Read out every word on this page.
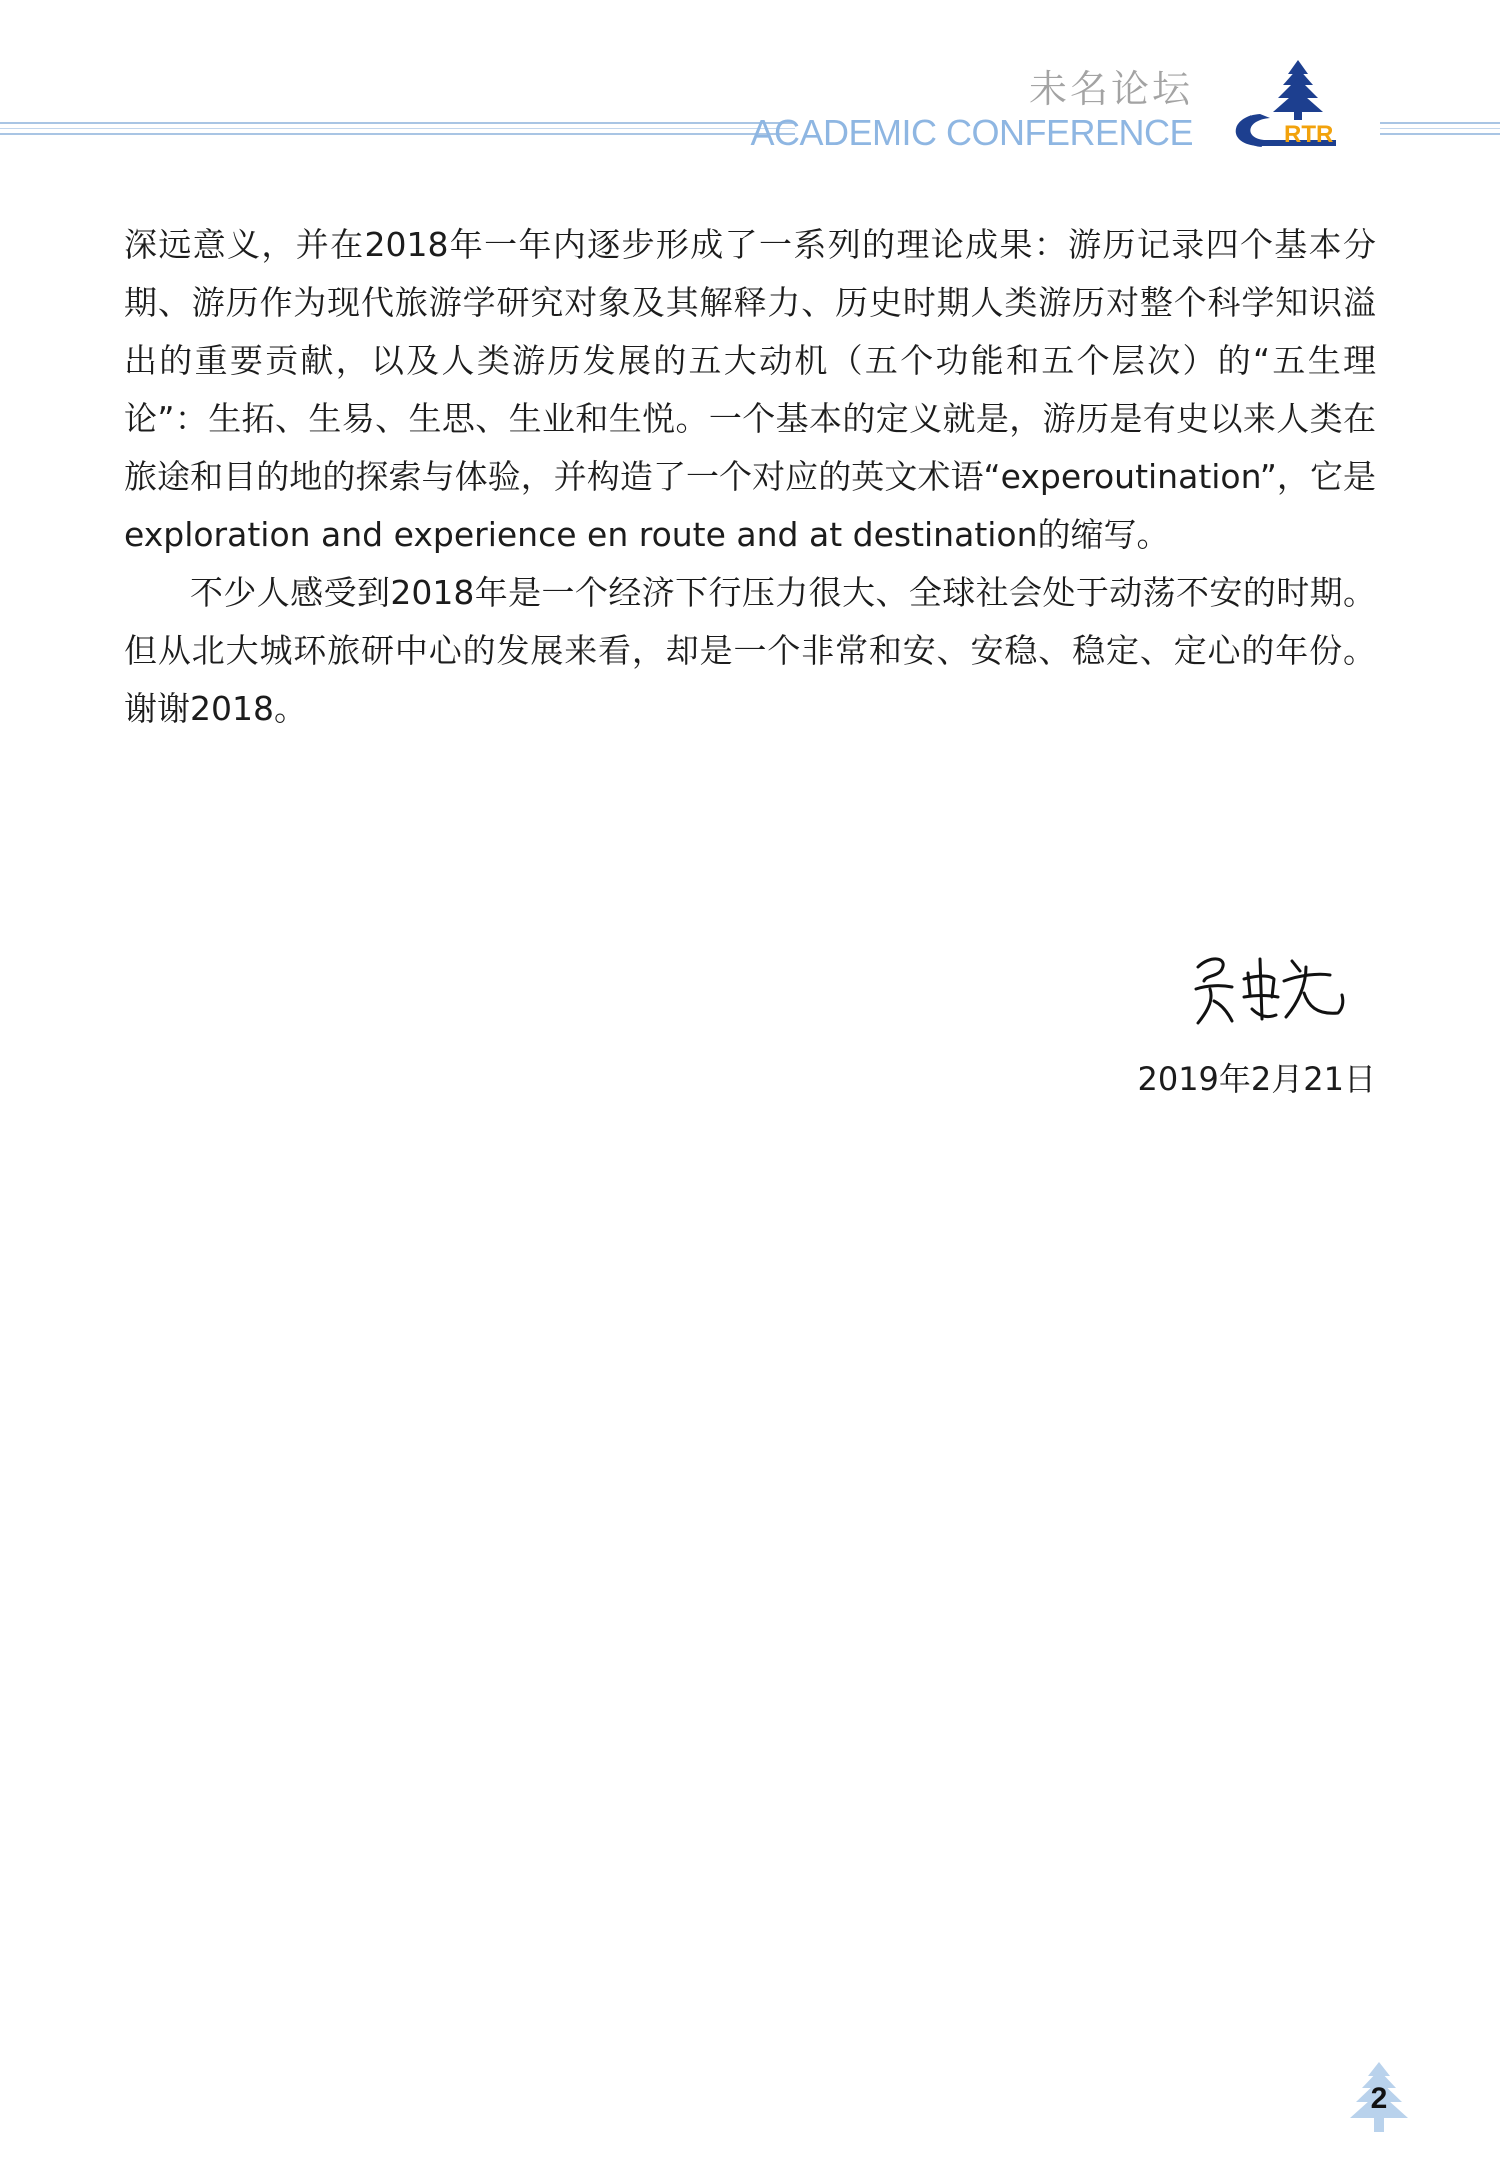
未名论坛
ACADEMIC CONFERENCE	RTR

深远意义，并在2018年一年内逐步形成了一系列的理论成果：游历记录四个基本分期、游历作为现代旅游学研究对象及其解释力、历史时期人类游历对整个科学知识溢出的重要贡献，以及人类游历发展的五大动机（五个功能和五个层次）的“五生理论”：生拓、生易、生思、生业和生悦。一个基本的定义就是，游历是有史以来人类在旅途和目的地的探索与体验，并构造了一个对应的英文术语“experoutination”，它是exploration and experience en route and at destination的缩写。

不少人感受到2018年是一个经济下行压力很大、全球社会处于动荡不安的时期。但从北大城环旅研中心的发展来看，却是一个非常和安、安稳、稳定、定心的年份。谢谢2018。

2019年2月21日
2
